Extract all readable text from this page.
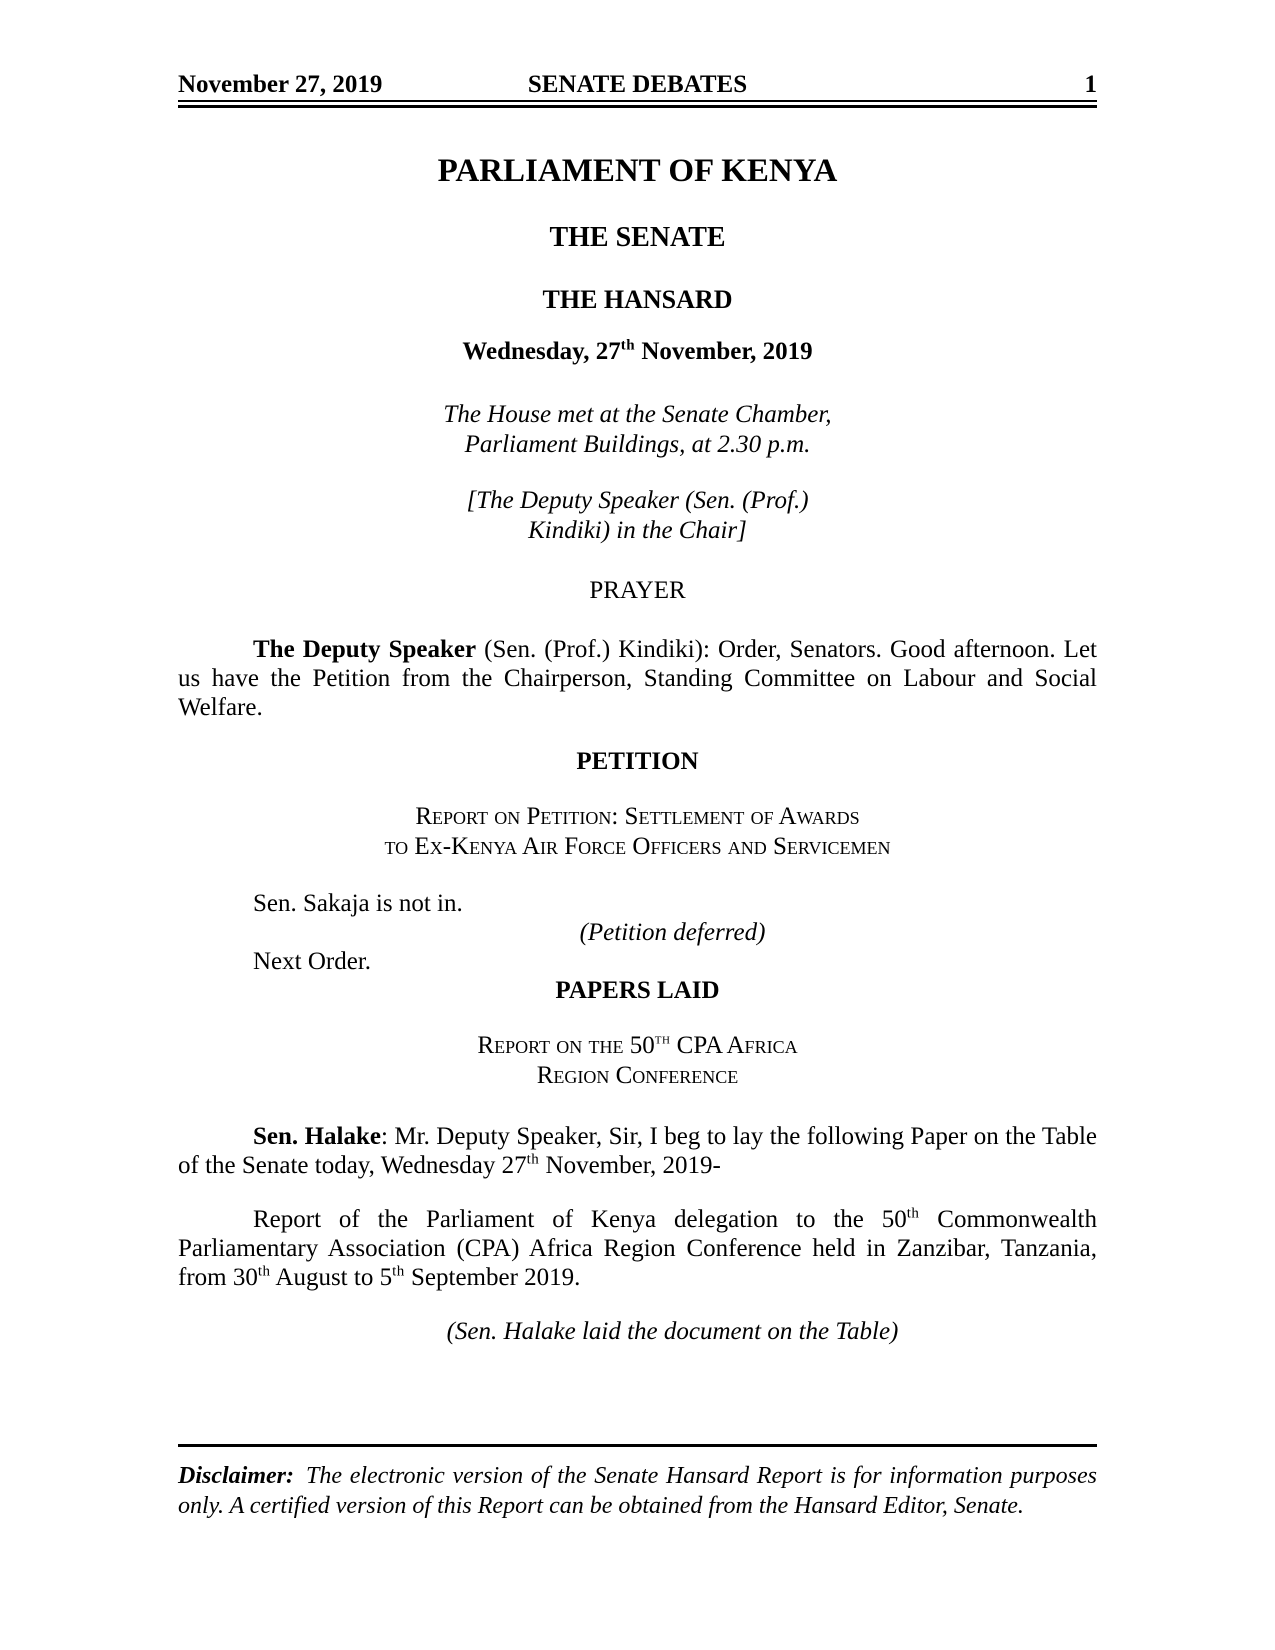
November 27, 2019	SENATE DEBATES	1
PARLIAMENT OF KENYA
THE SENATE
THE HANSARD
Wednesday, 27th November, 2019
The House met at the Senate Chamber,
Parliament Buildings, at 2.30 p.m.
[The Deputy Speaker (Sen. (Prof.)
Kindiki) in the Chair]
PRAYER

The Deputy Speaker (Sen. (Prof.) Kindiki): Order, Senators. Good afternoon. Let us have the Petition from the Chairperson, Standing Committee on Labour and Social Welfare.

PETITION
Report on Petition: Settlement of Awards
to Ex-Kenya Air Force Officers and Servicemen
Sen. Sakaja is not in.
(Petition deferred)
Next Order.
PAPERS LAID
Report on the 50th CPA Africa
Region Conference

Sen. Halake: Mr. Deputy Speaker, Sir, I beg to lay the following Paper on the Table of the Senate today, Wednesday 27th November, 2019-

Report of the Parliament of Kenya delegation to the 50th Commonwealth Parliamentary Association (CPA) Africa Region Conference held in Zanzibar, Tanzania, from 30th August to 5th September 2019.

(Sen. Halake laid the document on the Table)

Disclaimer: The electronic version of the Senate Hansard Report is for information purposes only. A certified version of this Report can be obtained from the Hansard Editor, Senate.
